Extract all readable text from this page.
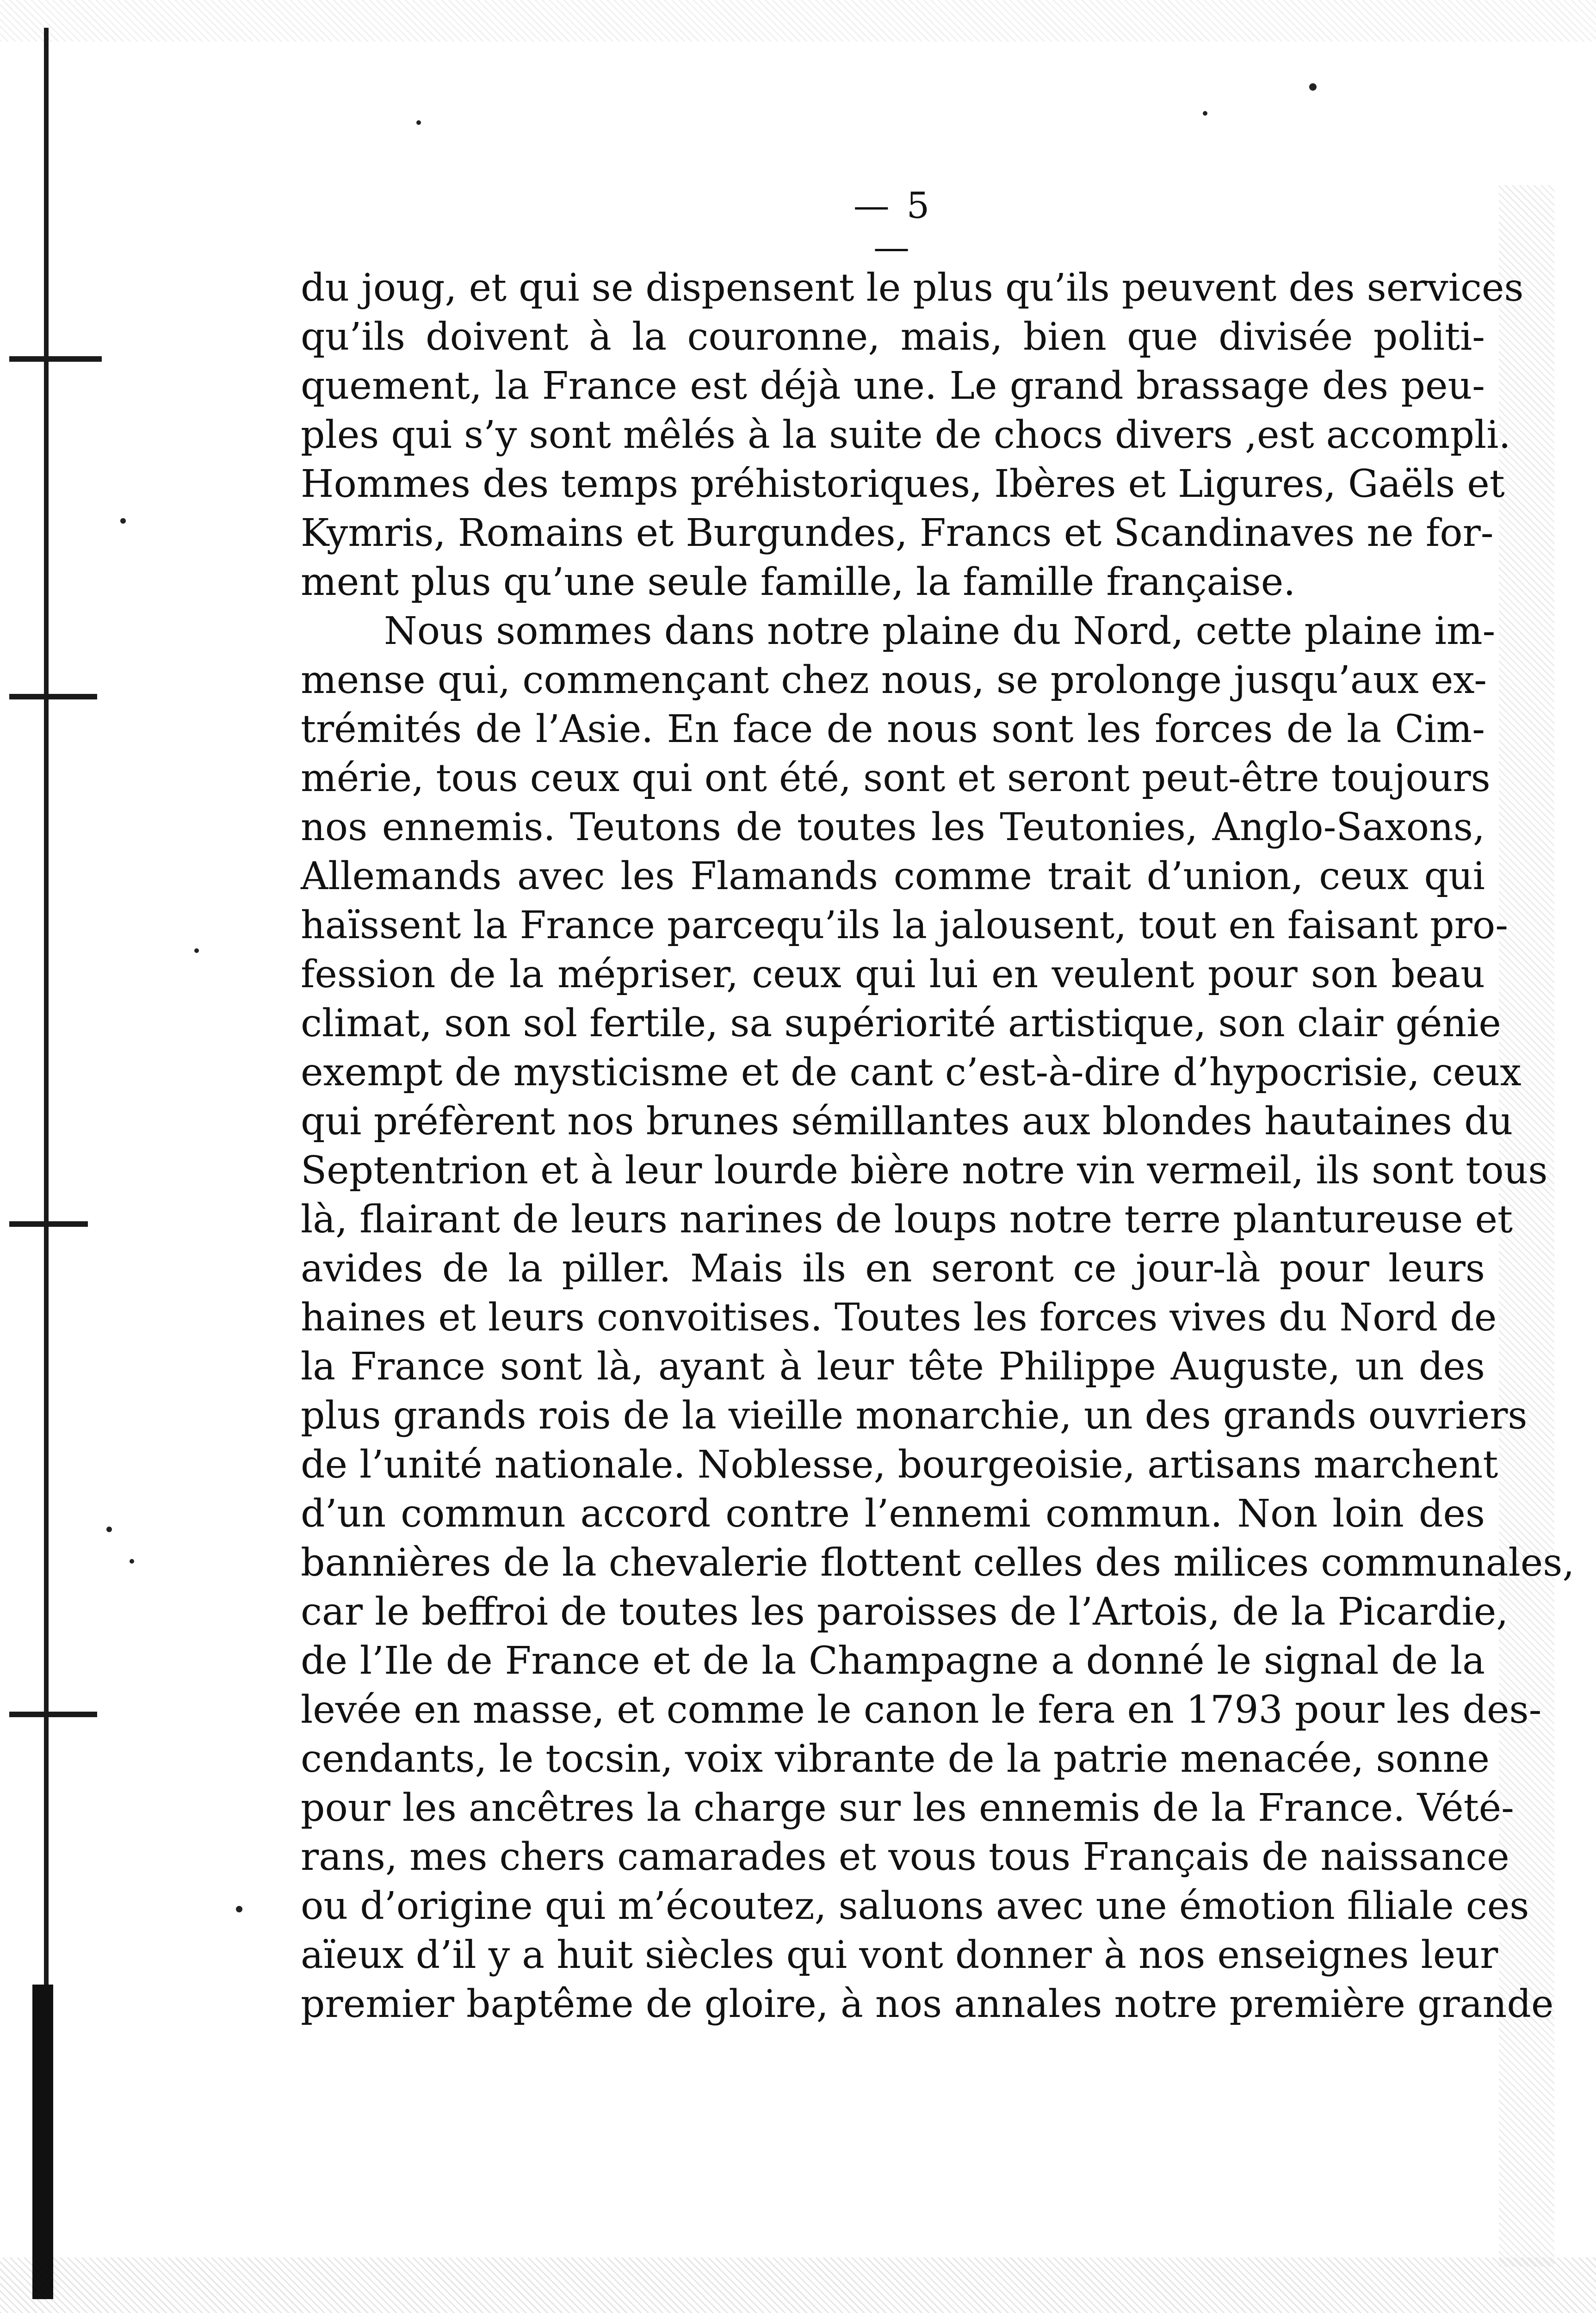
— 5 —
du joug, et qui se dispensent le plus qu’ils peuvent des services
qu’ils doivent à la couronne, mais, bien que divisée politi-
quement, la France est déjà une. Le grand brassage des peu-
ples qui s’y sont mêlés à la suite de chocs divers ,est accompli.
Hommes des temps préhistoriques, Ibères et Ligures, Gaëls et
Kymris, Romains et Burgundes, Francs et Scandinaves ne for-
ment plus qu’une seule famille, la famille française.
Nous sommes dans notre plaine du Nord, cette plaine im-
mense qui, commençant chez nous, se prolonge jusqu’aux ex-
trémités de l’Asie. En face de nous sont les forces de la Cim-
mérie, tous ceux qui ont été, sont et seront peut-être toujours
nos ennemis. Teutons de toutes les Teutonies, Anglo-Saxons,
Allemands avec les Flamands comme trait d’union, ceux qui
haïssent la France parcequ’ils la jalousent, tout en faisant pro-
fession de la mépriser, ceux qui lui en veulent pour son beau
climat, son sol fertile, sa supériorité artistique, son clair génie
exempt de mysticisme et de cant c’est-à-dire d’hypocrisie, ceux
qui préfèrent nos brunes sémillantes aux blondes hautaines du
Septentrion et à leur lourde bière notre vin vermeil, ils sont tous
là, flairant de leurs narines de loups notre terre plantureuse et
avides de la piller. Mais ils en seront ce jour-là pour leurs
haines et leurs convoitises. Toutes les forces vives du Nord de
la France sont là, ayant à leur tête Philippe Auguste, un des
plus grands rois de la vieille monarchie, un des grands ouvriers
de l’unité nationale. Noblesse, bourgeoisie, artisans marchent
d’un commun accord contre l’ennemi commun. Non loin des
bannières de la chevalerie flottent celles des milices communales,
car le beffroi de toutes les paroisses de l’Artois, de la Picardie,
de l’Ile de France et de la Champagne a donné le signal de la
levée en masse, et comme le canon le fera en 1793 pour les des-
cendants, le tocsin, voix vibrante de la patrie menacée, sonne
pour les ancêtres la charge sur les ennemis de la France. Vété-
rans, mes chers camarades et vous tous Français de naissance
ou d’origine qui m’écoutez, saluons avec une émotion filiale ces
aïeux d’il y a huit siècles qui vont donner à nos enseignes leur
premier baptême de gloire, à nos annales notre première grande
